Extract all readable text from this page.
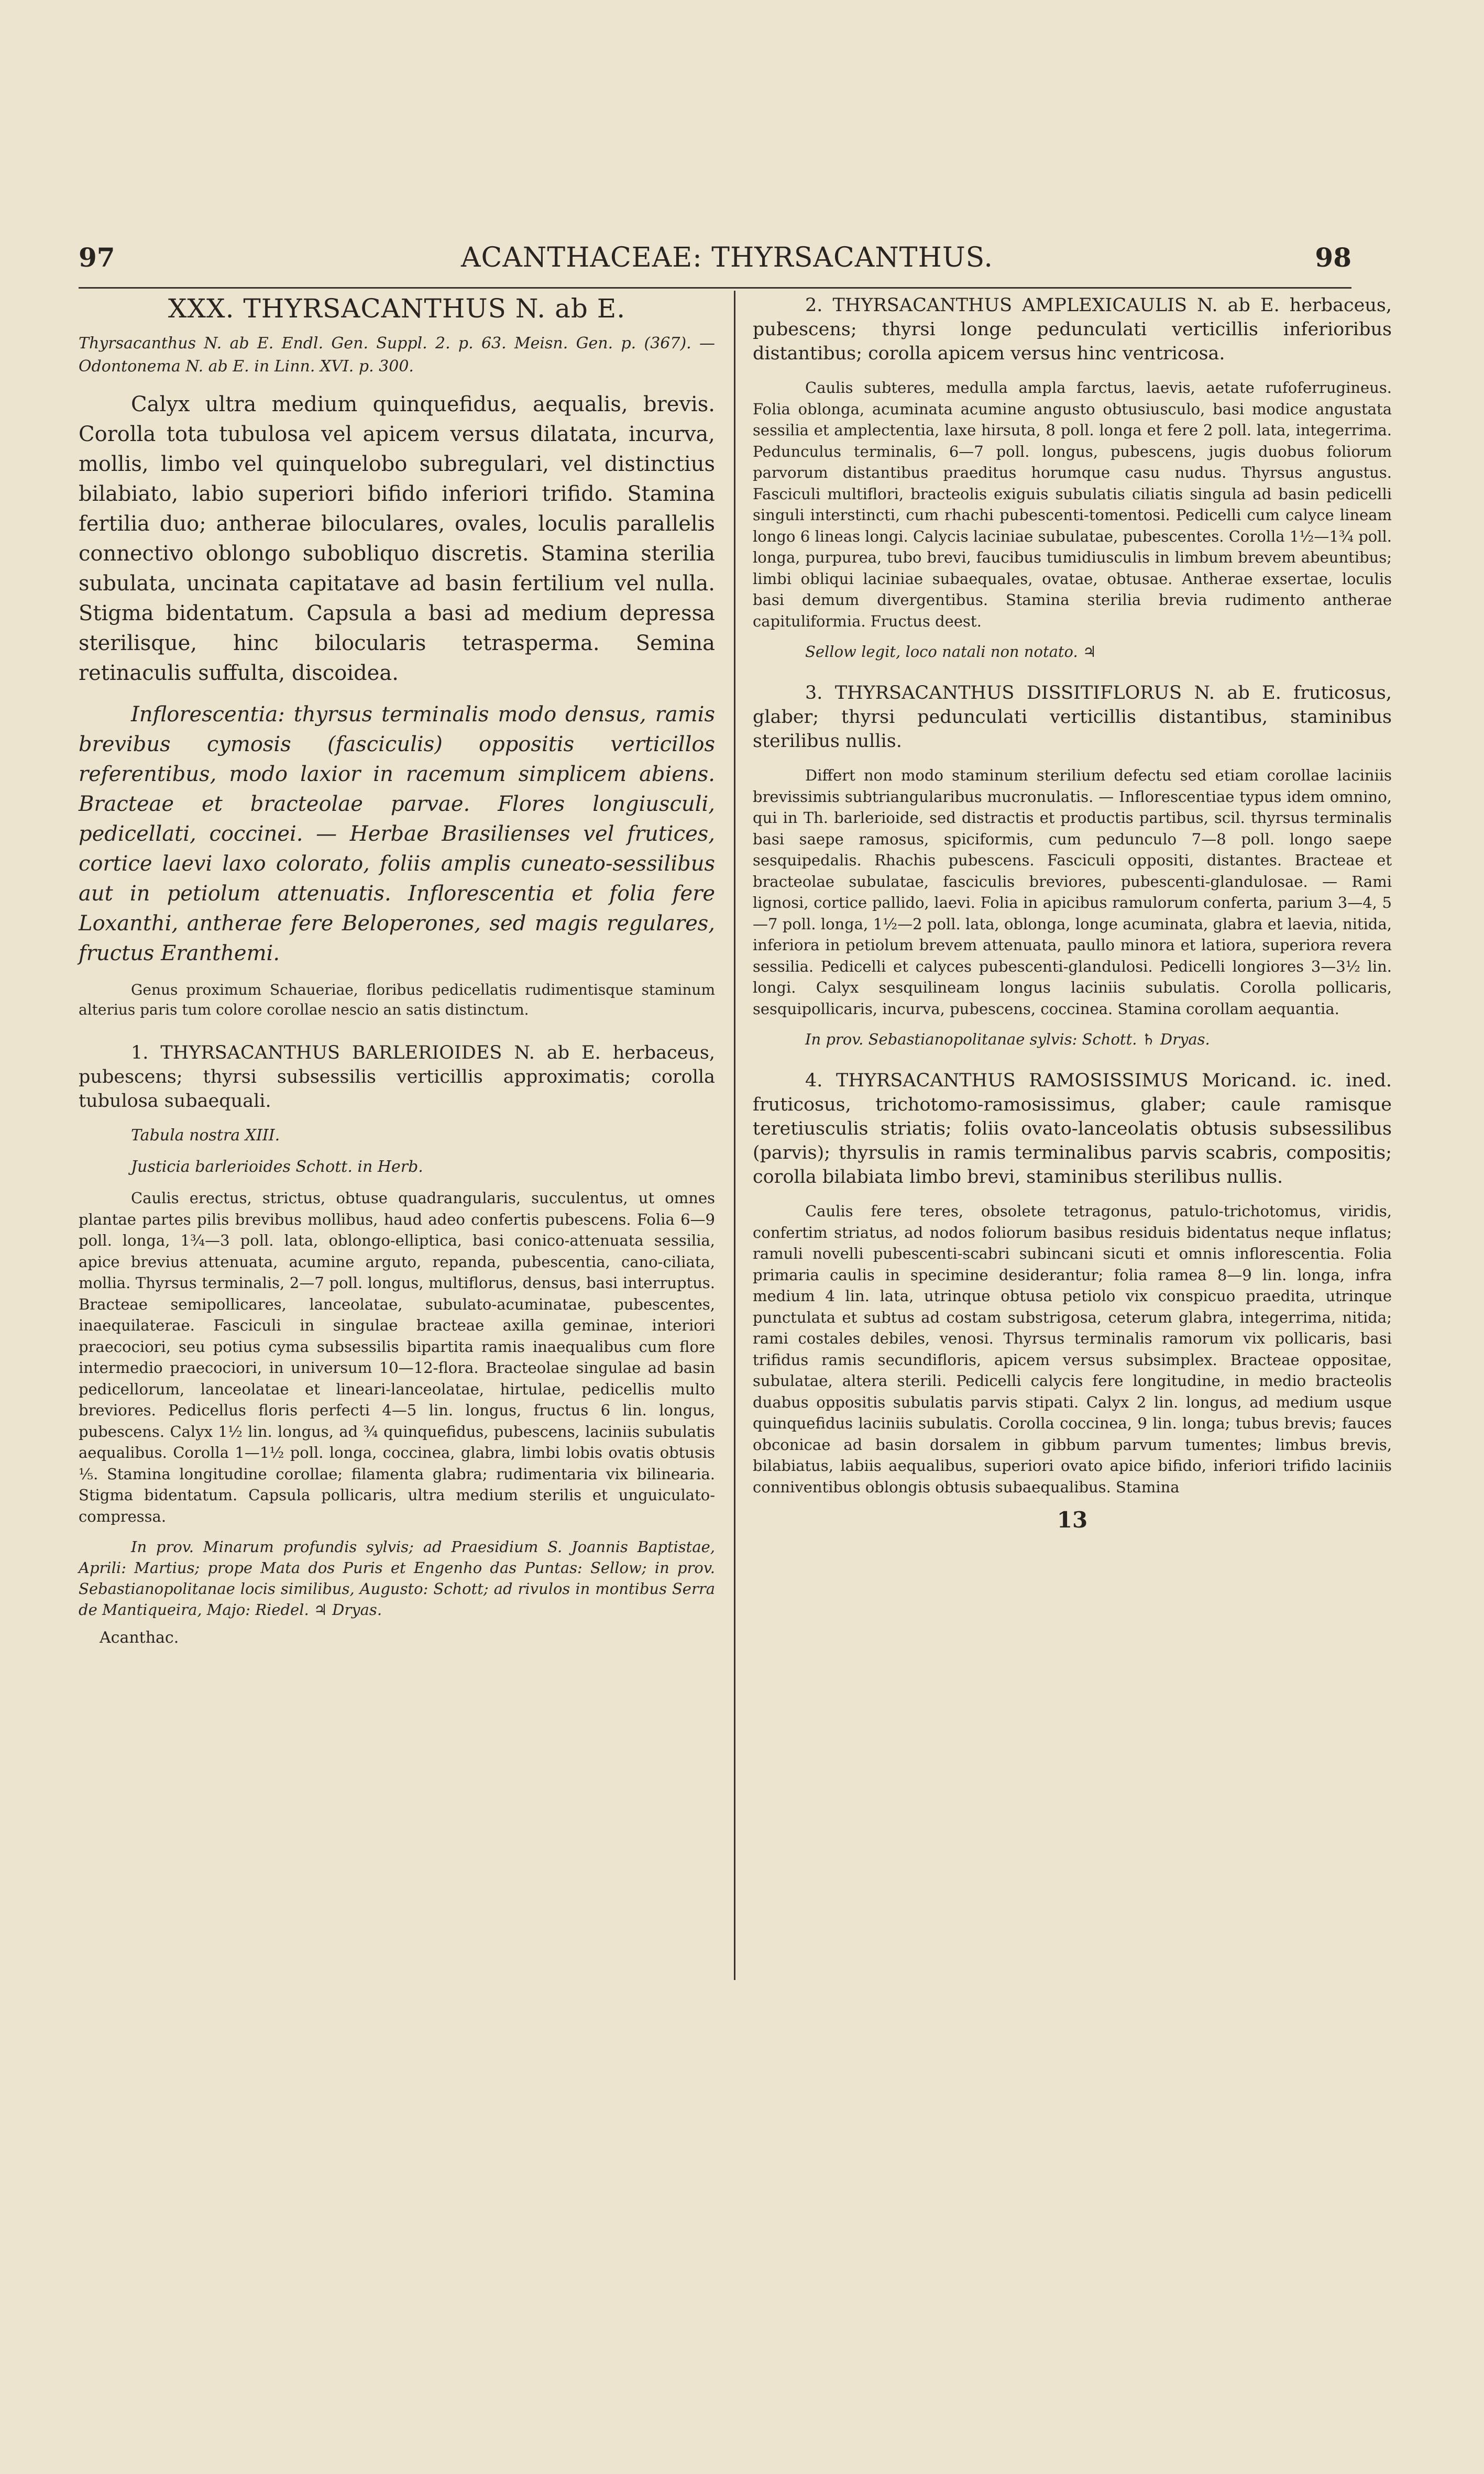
97	ACANTHACEAE: THYRSACANTHUS.	98
XXX. THYRSACANTHUS N. ab E.

Thyrsacanthus N. ab E. Endl. Gen. Suppl. 2. p. 63. Meisn. Gen. p. (367). — Odontonema N. ab E. in Linn. XVI. p. 300.

Calyx ultra medium quinquefidus, aequalis, brevis. Corolla tota tubulosa vel apicem versus dilatata, incurva, mollis, limbo vel quinquelobo subregulari, vel distinctius bilabiato, labio superiori bifido inferiori trifido. Stamina fertilia duo; antherae biloculares, ovales, loculis parallelis connectivo oblongo subobliquo discretis. Stamina sterilia subulata, uncinata capitatave ad basin fertilium vel nulla. Stigma bidentatum. Capsula a basi ad medium depressa sterilisque, hinc bilocularis tetrasperma. Semina retinaculis suffulta, discoidea.

Inflorescentia: thyrsus terminalis modo densus, ramis brevibus cymosis (fasciculis) oppositis verticillos referentibus, modo laxior in racemum simplicem abiens. Bracteae et bracteolae parvae. Flores longiusculi, pedicellati, coccinei. — Herbae Brasilienses vel frutices, cortice laevi laxo colorato, foliis amplis cuneato-sessilibus aut in petiolum attenuatis. Inflorescentia et folia fere Loxanthi, antherae fere Beloperones, sed magis regulares, fructus Eranthemi.

Genus proximum Schaueriae, floribus pedicellatis rudimentisque staminum alterius paris tum colore corollae nescio an satis distinctum.

1. THYRSACANTHUS BARLERIOIDES N. ab E. herbaceus, pubescens; thyrsi subsessilis verticillis approximatis; corolla tubulosa subaequali.

Tabula nostra XIII.

Justicia barlerioides Schott. in Herb.

Caulis erectus, strictus, obtuse quadrangularis, succulentus, ut omnes plantae partes pilis brevibus mollibus, haud adeo confertis pubescens. Folia 6—9 poll. longa, 1¾—3 poll. lata, oblongo-elliptica, basi conico-attenuata sessilia, apice brevius attenuata, acumine arguto, repanda, pubescentia, cano-ciliata, mollia. Thyrsus terminalis, 2—7 poll. longus, multiflorus, densus, basi interruptus. Bracteae semipollicares, lanceolatae, subulato-acuminatae, pubescentes, inaequilaterae. Fasciculi in singulae bracteae axilla geminae, interiori praecociori, seu potius cyma subsessilis bipartita ramis inaequalibus cum flore intermedio praecociori, in universum 10—12-flora. Bracteolae singulae ad basin pedicellorum, lanceolatae et lineari-lanceolatae, hirtulae, pedicellis multo breviores. Pedicellus floris perfecti 4—5 lin. longus, fructus 6 lin. longus, pubescens. Calyx 1½ lin. longus, ad ¾ quinquefidus, pubescens, laciniis subulatis aequalibus. Corolla 1—1½ poll. longa, coccinea, glabra, limbi lobis ovatis obtusis ⅕. Stamina longitudine corollae; filamenta glabra; rudimentaria vix bilinearia. Stigma bidentatum. Capsula pollicaris, ultra medium sterilis et unguiculato-compressa.

In prov. Minarum profundis sylvis; ad Praesidium S. Joannis Baptistae, Aprili: Martius; prope Mata dos Puris et Engenho das Puntas: Sellow; in prov. Sebastianopolitanae locis similibus, Augusto: Schott; ad rivulos in montibus Serra de Mantiqueira, Majo: Riedel. ♃ Dryas.

Acanthac.

2. THYRSACANTHUS AMPLEXICAULIS N. ab E. herbaceus, pubescens; thyrsi longe pedunculati verticillis inferioribus distantibus; corolla apicem versus hinc ventricosa.

Caulis subteres, medulla ampla farctus, laevis, aetate rufoferrugineus. Folia oblonga, acuminata acumine angusto obtusiusculo, basi modice angustata sessilia et amplectentia, laxe hirsuta, 8 poll. longa et fere 2 poll. lata, integerrima. Pedunculus terminalis, 6—7 poll. longus, pubescens, jugis duobus foliorum parvorum distantibus praeditus horumque casu nudus. Thyrsus angustus. Fasciculi multiflori, bracteolis exiguis subulatis ciliatis singula ad basin pedicelli singuli interstincti, cum rhachi pubescenti-tomentosi. Pedicelli cum calyce lineam longo 6 lineas longi. Calycis laciniae subulatae, pubescentes. Corolla 1½—1¾ poll. longa, purpurea, tubo brevi, faucibus tumidiusculis in limbum brevem abeuntibus; limbi obliqui laciniae subaequales, ovatae, obtusae. Antherae exsertae, loculis basi demum divergentibus. Stamina sterilia brevia rudimento antherae capituliformia. Fructus deest.

Sellow legit, loco natali non notato. ♃

3. THYRSACANTHUS DISSITIFLORUS N. ab E. fruticosus, glaber; thyrsi pedunculati verticillis distantibus, staminibus sterilibus nullis.

Differt non modo staminum sterilium defectu sed etiam corollae laciniis brevissimis subtriangularibus mucronulatis. — Inflorescentiae typus idem omnino, qui in Th. barlerioide, sed distractis et productis partibus, scil. thyrsus terminalis basi saepe ramosus, spiciformis, cum pedunculo 7—8 poll. longo saepe sesquipedalis. Rhachis pubescens. Fasciculi oppositi, distantes. Bracteae et bracteolae subulatae, fasciculis breviores, pubescenti-glandulosae. — Rami lignosi, cortice pallido, laevi. Folia in apicibus ramulorum conferta, parium 3—4, 5—7 poll. longa, 1½—2 poll. lata, oblonga, longe acuminata, glabra et laevia, nitida, inferiora in petiolum brevem attenuata, paullo minora et latiora, superiora revera sessilia. Pedicelli et calyces pubescenti-glandulosi. Pedicelli longiores 3—3½ lin. longi. Calyx sesquilineam longus laciniis subulatis. Corolla pollicaris, sesquipollicaris, incurva, pubescens, coccinea. Stamina corollam aequantia.

In prov. Sebastianopolitanae sylvis: Schott. ♄ Dryas.

4. THYRSACANTHUS RAMOSISSIMUS Moricand. ic. ined. fruticosus, trichotomo-ramosissimus, glaber; caule ramisque teretiusculis striatis; foliis ovato-lanceolatis obtusis subsessilibus (parvis); thyrsulis in ramis terminalibus parvis scabris, compositis; corolla bilabiata limbo brevi, staminibus sterilibus nullis.

Caulis fere teres, obsolete tetragonus, patulo-trichotomus, viridis, confertim striatus, ad nodos foliorum basibus residuis bidentatus neque inflatus; ramuli novelli pubescenti-scabri subincani sicuti et omnis inflorescentia. Folia primaria caulis in specimine desiderantur; folia ramea 8—9 lin. longa, infra medium 4 lin. lata, utrinque obtusa petiolo vix conspicuo praedita, utrinque punctulata et subtus ad costam substrigosa, ceterum glabra, integerrima, nitida; rami costales debiles, venosi. Thyrsus terminalis ramorum vix pollicaris, basi trifidus ramis secundifloris, apicem versus subsimplex. Bracteae oppositae, subulatae, altera sterili. Pedicelli calycis fere longitudine, in medio bracteolis duabus oppositis subulatis parvis stipati. Calyx 2 lin. longus, ad medium usque quinquefidus laciniis subulatis. Corolla coccinea, 9 lin. longa; tubus brevis; fauces obconicae ad basin dorsalem in gibbum parvum tumentes; limbus brevis, bilabiatus, labiis aequalibus, superiori ovato apice bifido, inferiori trifido laciniis conniventibus oblongis obtusis subaequalibus. Stamina

13
